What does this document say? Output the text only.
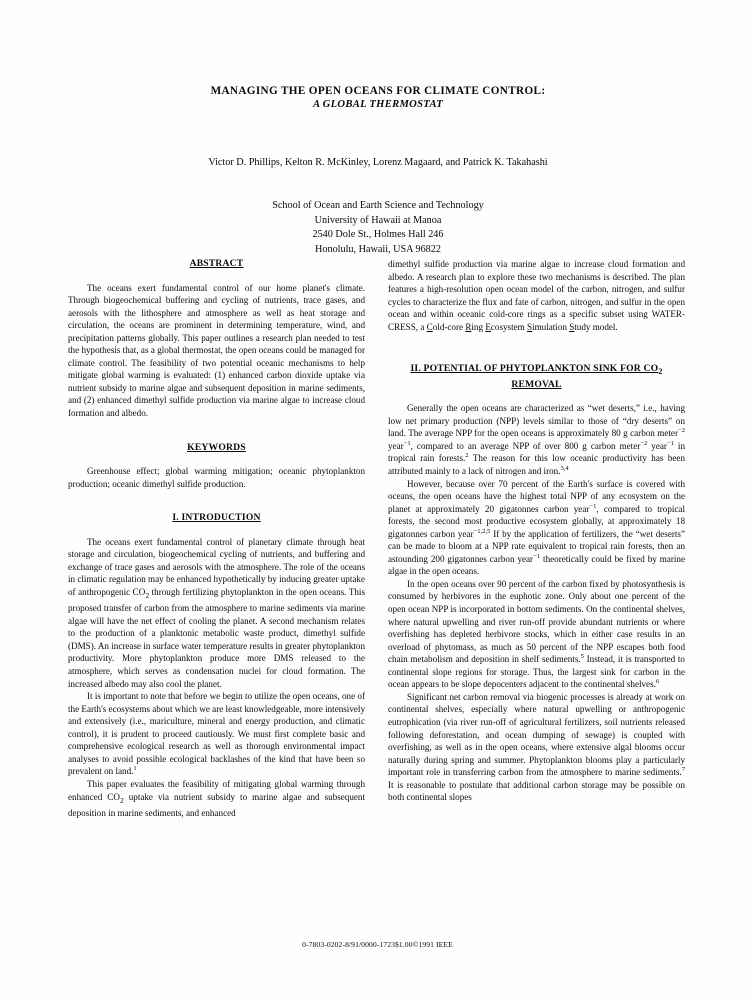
MANAGING THE OPEN OCEANS FOR CLIMATE CONTROL:
A GLOBAL THERMOSTAT
Victor D. Phillips, Kelton R. McKinley, Lorenz Magaard, and Patrick K. Takahashi
School of Ocean and Earth Science and Technology
University of Hawaii at Manoa
2540 Dole St., Holmes Hall 246
Honolulu, Hawaii, USA 96822
ABSTRACT

The oceans exert fundamental control of our home planet's climate. Through biogeochemical buffering and cycling of nutrients, trace gases, and aerosols with the lithosphere and atmosphere as well as heat storage and circulation, the oceans are prominent in determining temperature, wind, and precipitation patterns globally. This paper outlines a research plan needed to test the hypothesis that, as a global thermostat, the open oceans could be managed for climate control. The feasibility of two potential oceanic mechanisms to help mitigate global warming is evaluated: (1) enhanced carbon dioxide uptake via nutrient subsidy to marine algae and subsequent deposition in marine sediments, and (2) enhanced dimethyl sulfide production via marine algae to increase cloud formation and albedo.

KEYWORDS

Greenhouse effect; global warming mitigation; oceanic phytoplankton production; oceanic dimethyl sulfide production.

I. INTRODUCTION

The oceans exert fundamental control of planetary climate through heat storage and circulation, biogeochemical cycling of nutrients, and buffering and exchange of trace gases and aerosols with the atmosphere. The role of the oceans in climatic regulation may be enhanced hypothetically by inducing greater uptake of anthropogenic $CO_2$ through fertilizing phytoplankton in the open oceans. This proposed transfer of carbon from the atmosphere to marine sediments via marine algae will have the net effect of cooling the planet. A second mechanism relates to the production of a planktonic metabolic waste product, dimethyl sulfide (DMS). An increase in surface water temperature results in greater phytoplankton productivity. More phytoplankton produce more DMS released to the atmosphere, which serves as condensation nuclei for cloud formation. The increased albedo may also cool the planet.

It is important to note that before we begin to utilize the open oceans, one of the Earth's ecosystems about which we are least knowledgeable, more intensively and extensively (i.e., mariculture, mineral and energy production, and climatic control), it is prudent to proceed cautiously. We must first complete basic and comprehensive ecological research as well as thorough environmental impact analyses to avoid possible ecological backlashes of the kind that have been so prevalent on land.$^1$

This paper evaluates the feasibility of mitigating global warming through enhanced $CO_2$ uptake via nutrient subsidy to marine algae and subsequent deposition in marine sediments, and enhanced

dimethyl sulfide production via marine algae to increase cloud formation and albedo. A research plan to explore these two mechanisms is described. The plan features a high-resolution open ocean model of the carbon, nitrogen, and sulfur cycles to characterize the flux and fate of carbon, nitrogen, and sulfur in the open ocean and within oceanic cold-core rings as a specific subset using WATER-CRESS, a Cold-core Ring Ecosystem Simulation Study model.

II. POTENTIAL OF PHYTOPLANKTON SINK FOR $CO_2$
REMOVAL

Generally the open oceans are characterized as “wet deserts,” i.e., having low net primary production (NPP) levels similar to those of “dry deserts” on land. The average NPP for the open oceans is approximately 80 g carbon meter$^{-2}$ year$^{-1}$, compared to an average NPP of over 800 g carbon meter$^{-2}$ year$^{-1}$ in tropical rain forests.$^2$ The reason for this low oceanic productivity has been attributed mainly to a lack of nitrogen and iron.$^{3,4}$

However, because over 70 percent of the Earth's surface is covered with oceans, the open oceans have the highest total NPP of any ecosystem on the planet at approximately 20 gigatonnes carbon year$^{-1}$, compared to tropical forests, the second most productive ecosystem globally, at approximately 18 gigatonnes carbon year$^{-1,2,5}$ If by the application of fertilizers, the “wet deserts” can be made to bloom at a NPP rate equivalent to tropical rain forests, then an astounding 200 gigatonnes carbon year$^{-1}$ theoretically could be fixed by marine algae in the open oceans.

In the open oceans over 90 percent of the carbon fixed by photosynthesis is consumed by herbivores in the euphotic zone. Only about one percent of the open ocean NPP is incorporated in bottom sediments. On the continental shelves, where natural upwelling and river run-off provide abundant nutrients or where overfishing has depleted herbivore stocks, which in either case results in an overload of phytomass, as much as 50 percent of the NPP escapes both food chain metabolism and deposition in shelf sediments.$^5$ Instead, it is transported to continental slope regions for storage. Thus, the largest sink for carbon in the ocean appears to be slope depocenters adjacent to the continental shelves.$^6$

Significant net carbon removal via biogenic processes is already at work on continental shelves, especially where natural upwelling or anthropogenic eutrophication (via river run-off of agricultural fertilizers, soil nutrients released following deforestation, and ocean dumping of sewage) is coupled with overfishing, as well as in the open oceans, where extensive algal blooms occur naturally during spring and summer. Phytoplankton blooms play a particularly important role in transferring carbon from the atmosphere to marine sediments.$^7$ It is reasonable to postulate that additional carbon storage may be possible on both continental slopes

0-7803-0202-8/91/0000-1723$1.00©1991 IEEE
